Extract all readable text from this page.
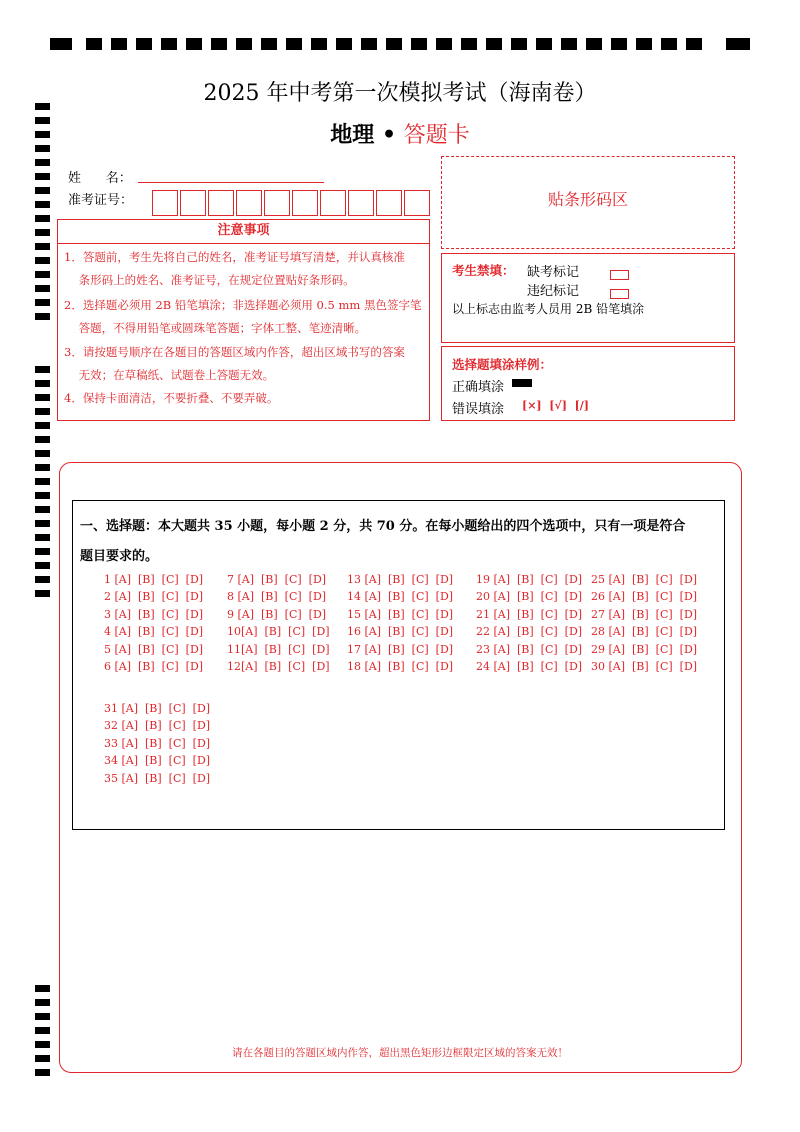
2025 年中考第一次模拟考试（海南卷）
地理 • 答题卡
姓      名：
准考证号：
注意事项
1．答题前，考生先将自己的姓名，准考证号填写清楚，并认真核准
条形码上的姓名、准考证号，在规定位置贴好条形码。
2．选择题必须用 2B 铅笔填涂；非选择题必须用 0.5 mm 黑色签字笔
答题，不得用铅笔或圆珠笔答题；字体工整、笔迹清晰。
3．请按题号顺序在各题目的答题区域内作答，超出区域书写的答案
无效；在草稿纸、试题卷上答题无效。
4．保持卡面清洁，不要折叠、不要弄破。
贴条形码区
考生禁填： 缺考标记
违纪标记
以上标志由监考人员用 2B 铅笔填涂
选择题填涂样例：
正确填涂
错误填涂 [×]  [√]  [/]
一、选择题：本大题共 35 小题，每小题 2 分，共 70 分。在每小题给出的四个选项中，只有一项是符合
题目要求的。
1 [A]  [B]  [C]  [D]
2 [A]  [B]  [C]  [D]
3 [A]  [B]  [C]  [D]
4 [A]  [B]  [C]  [D]
5 [A]  [B]  [C]  [D]
6 [A]  [B]  [C]  [D]
7 [A]  [B]  [C]  [D]
8 [A]  [B]  [C]  [D]
9 [A]  [B]  [C]  [D]
10[A]  [B]  [C]  [D]
11[A]  [B]  [C]  [D]
12[A]  [B]  [C]  [D]
13 [A]  [B]  [C]  [D]
14 [A]  [B]  [C]  [D]
15 [A]  [B]  [C]  [D]
16 [A]  [B]  [C]  [D]
17 [A]  [B]  [C]  [D]
18 [A]  [B]  [C]  [D]
19 [A]  [B]  [C]  [D]
20 [A]  [B]  [C]  [D]
21 [A]  [B]  [C]  [D]
22 [A]  [B]  [C]  [D]
23 [A]  [B]  [C]  [D]
24 [A]  [B]  [C]  [D]
25 [A]  [B]  [C]  [D]
26 [A]  [B]  [C]  [D]
27 [A]  [B]  [C]  [D]
28 [A]  [B]  [C]  [D]
29 [A]  [B]  [C]  [D]
30 [A]  [B]  [C]  [D]
31 [A]  [B]  [C]  [D]
32 [A]  [B]  [C]  [D]
33 [A]  [B]  [C]  [D]
34 [A]  [B]  [C]  [D]
35 [A]  [B]  [C]  [D]
请在各题目的答题区域内作答，超出黑色矩形边框限定区域的答案无效！
